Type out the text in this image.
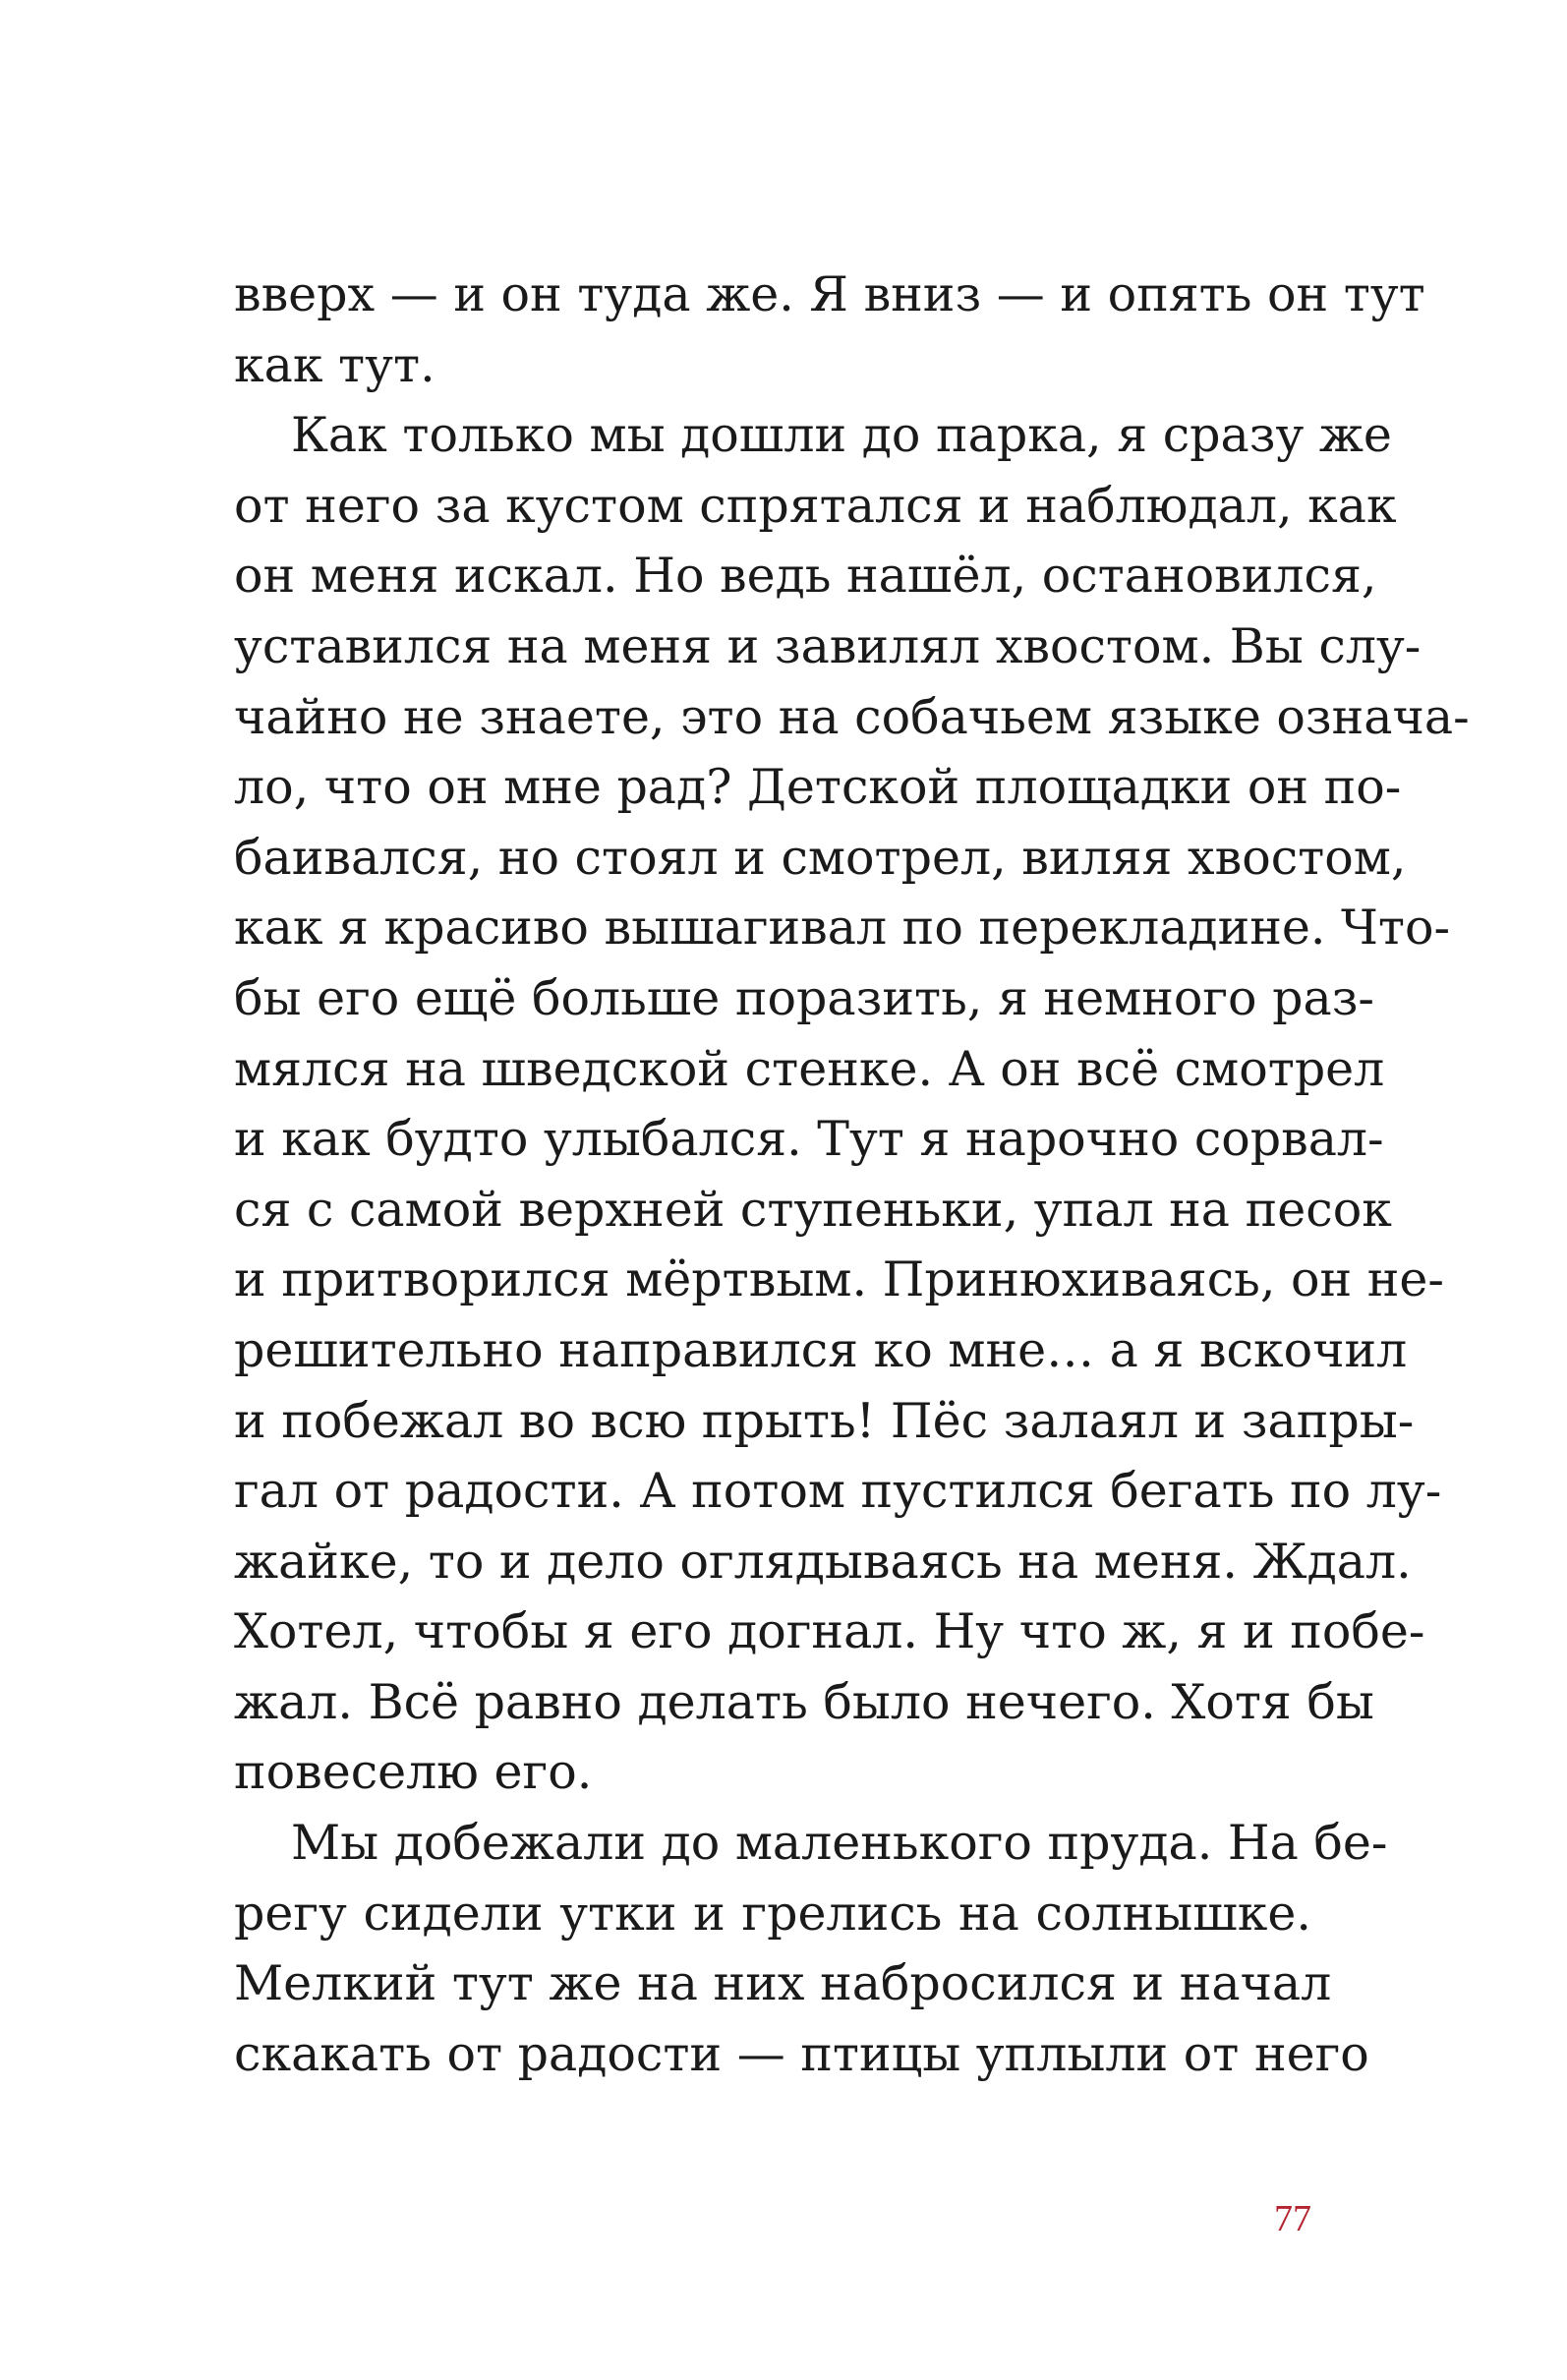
вверх — и он туда же. Я вниз — и опять он тут
как тут.
Как только мы дошли до парка, я сразу же
от него за кустом спрятался и наблюдал, как
он меня искал. Но ведь нашёл, остановился,
уставился на меня и завилял хвостом. Вы слу-
чайно не знаете, это на собачьем языке означа-
ло, что он мне рад? Детской площадки он по-
баивался, но стоял и смотрел, виляя хвостом,
как я красиво вышагивал по перекладине. Что-
бы его ещё больше поразить, я немного раз-
мялся на шведской стенке. А он всё смотрел
и как будто улыбался. Тут я нарочно сорвал-
ся с самой верхней ступеньки, упал на песок
и притворился мёртвым. Принюхиваясь, он не-
решительно направился ко мне… а я вскочил
и побежал во всю прыть! Пёс залаял и запры-
гал от радости. А потом пустился бегать по лу-
жайке, то и дело оглядываясь на меня. Ждал.
Хотел, чтобы я его догнал. Ну что ж, я и побе-
жал. Всё равно делать было нечего. Хотя бы
повеселю его.
Мы добежали до маленького пруда. На бе-
регу сидели утки и грелись на солнышке.
Мелкий тут же на них набросился и начал
скакать от радости — птицы уплыли от него
77
